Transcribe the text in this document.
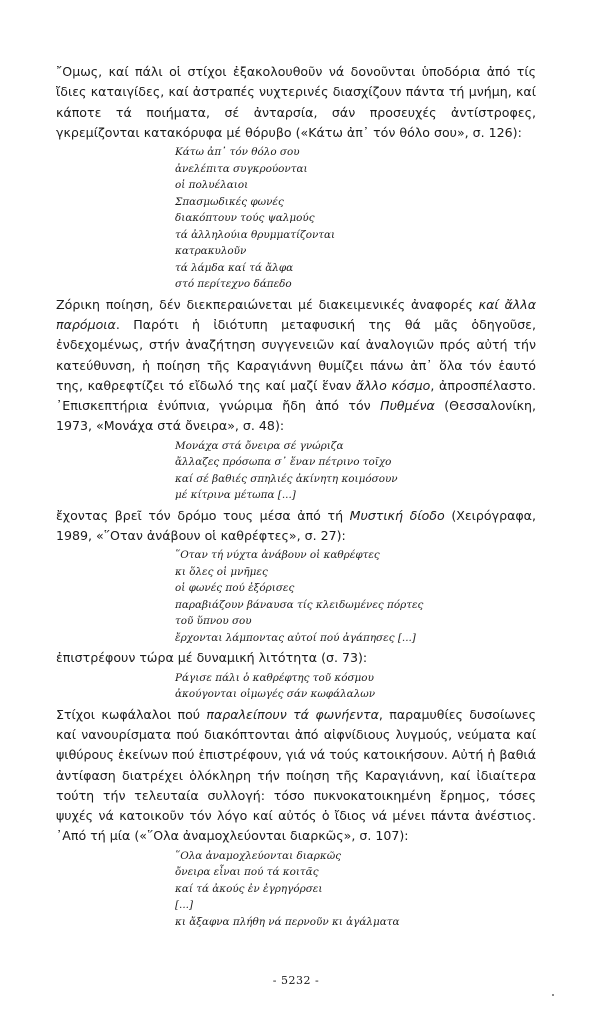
῎Ομως, καί πάλι οἱ στίχοι ἐξακολουθοῦν νά δονοῦνται ὑποδόρια ἀπό τίς ἴδιες καταιγίδες, καί ἀστραπές νυχτερινές διασχίζουν πάντα τή μνήμη, καί κάποτε τά ποιήματα, σέ ἀνταρσία, σάν προσευχές ἀντίστροφες, γκρεμίζονται κατακόρυφα μέ θόρυβο («Κάτω ἀπ᾽ τόν θόλο σου», σ. 126):

Κάτω ἀπ᾽ τόν θόλο σου
ἀνελέπιτα συγκρούονται
οἱ πολυέλαιοι
Σπασμωδικές φωνές
διακόπτουν τούς ψαλμούς
τά ἀλληλούια θρυμματίζονται
κατρακυλοῦν
τά λάμδα καί τά ἄλφα
στό περίτεχνο δάπεδο

Ζόρικη ποίηση, δέν διεκπεραιώνεται μέ διακειμενικές ἀναφορές καί ἄλλα παρόμοια. Παρότι ἡ ἰδιότυπη μεταφυσική της θά μᾶς ὁδηγοῦσε, ἐνδεχομένως, στήν ἀναζήτηση συγγενειῶν καί ἀναλογιῶν πρός αὐτή τήν κατεύθυνση, ἡ ποίηση τῆς Καραγιάννη θυμίζει πάνω ἀπ᾽ ὅλα τόν ἑαυτό της, καθρεφτίζει τό εἴδωλό της καί μαζί ἕναν ἄλλο κόσμο, ἀπροσπέλαστο. ᾽Επισκεπτήρια ἐνύπνια, γνώριμα ἤδη ἀπό τόν Πυθμένα (Θεσσαλονίκη, 1973, «Μονάχα στά ὄνειρα», σ. 48):

Μονάχα στά ὄνειρα σέ γνώριζα
ἄλλαζες πρόσωπα σ᾽ ἕναν πέτρινο τοῖχο
καί σέ βαθιές σπηλιές ἀκίνητη κοιμόσουν
μέ κίτρινα μέτωπα [...]

ἔχοντας βρεῖ τόν δρόμο τους μέσα ἀπό τή Μυστική δίοδο (Χειρόγραφα, 1989, «῞Οταν ἀνάβουν οἱ καθρέφτες», σ. 27):

῞Οταν τή νύχτα ἀνάβουν οἱ καθρέφτες
κι ὅλες οἱ μνῆμες
οἱ φωνές πού ἐξόρισες
παραβιάζουν βάναυσα τίς κλειδωμένες πόρτες
τοῦ ὕπνου σου
ἔρχονται λάμποντας αὐτοί πού ἀγάπησες [...]

ἐπιστρέφουν τώρα μέ δυναμική λιτότητα (σ. 73):

Ράγισε πάλι ὁ καθρέφτης τοῦ κόσμου
ἀκούγονται οἰμωγές σάν κωφάλαλων

Στίχοι κωφάλαλοι πού παραλείπουν τά φωνήεντα, παραμυθίες δυσοίωνες καί νανουρίσματα πού διακόπτονται ἀπό αἰφνίδιους λυγμούς, νεύματα καί ψιθύρους ἐκείνων πού ἐπιστρέφουν, γιά νά τούς κατοικήσουν. Αὐτή ἡ βαθιά ἀντίφαση διατρέχει ὁλόκληρη τήν ποίηση τῆς Καραγιάννη, καί ἰδιαίτερα τούτη τήν τελευταία συλλογή: τόσο πυκνοκατοικημένη ἔρημος, τόσες ψυχές νά κατοικοῦν τόν λόγο καί αὐτός ὁ ἴδιος νά μένει πάντα ἀνέστιος. ᾽Από τή μία («῞Ολα ἀναμοχλεύονται διαρκῶς», σ. 107):

῞Ολα ἀναμοχλεύονται διαρκῶς
ὄνειρα εἶναι πού τά κοιτᾶς
καί τά ἀκούς ἐν ἐγρηγόρσει
[...]
κι ἄξαφνα πλήθη νά περνοῦν κι ἀγάλματα
- 5232 -
